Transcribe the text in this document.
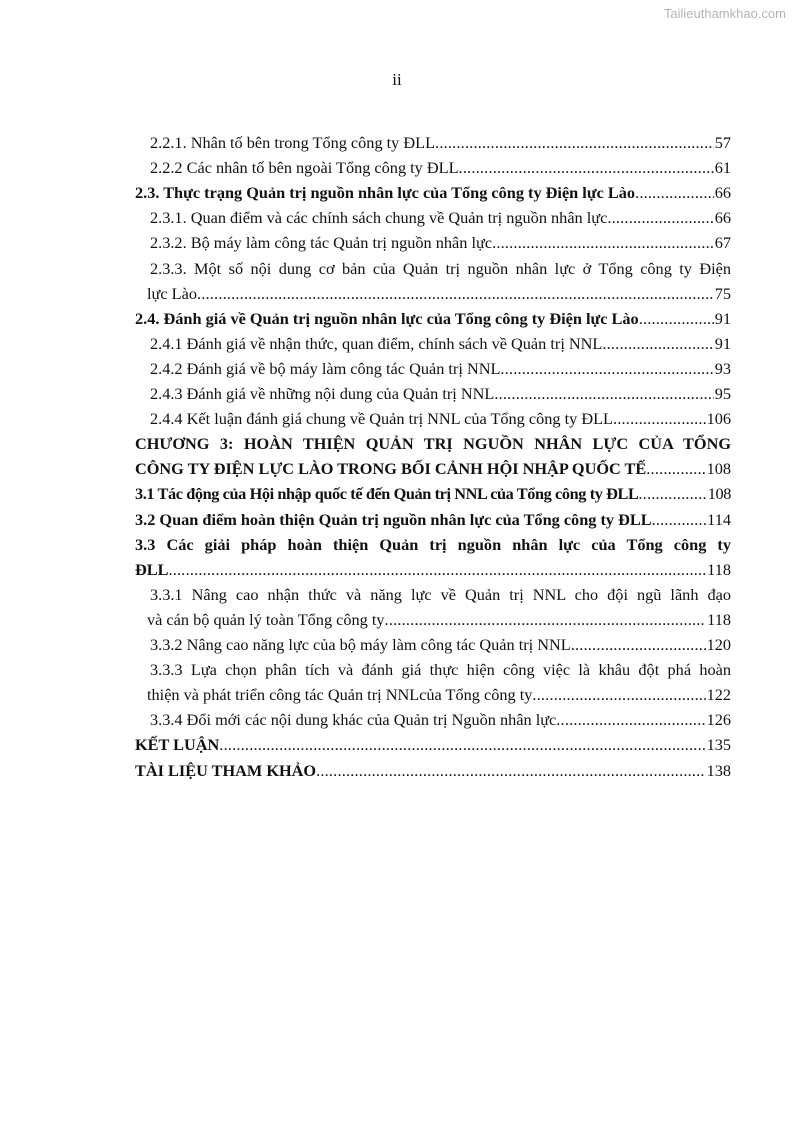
Tailieuthamkhao.com
ii
2.2.1. Nhân tố bên trong Tổng công ty ĐLL .....	57
2.2.2 Các nhân tố bên ngoài Tổng công ty ĐLL .....	61
2.3. Thực trạng Quản trị nguồn nhân lực của Tổng công ty Điện lực Lào .....	66
2.3.1. Quan điểm và các chính sách chung về Quản trị nguồn nhân lực .....	66
2.3.2. Bộ máy làm công tác Quản trị nguồn nhân lực .....	67
2.3.3. Một số nội dung cơ bản của Quản trị nguồn nhân lực ở Tổng công ty Điện
lực Lào .....	75
2.4. Đánh giá về Quản trị nguồn nhân lực của Tổng công ty Điện lực Lào .....	91
2.4.1 Đánh giá về nhận thức, quan điểm, chính sách về Quản trị NNL .....	91
2.4.2 Đánh giá về bộ máy làm công tác Quản trị NNL .....	93
2.4.3 Đánh giá về những nội dung của Quản trị NNL .....	95
2.4.4 Kết luận đánh giá chung về Quản trị NNL của Tổng công ty ĐLL .....	106
CHƯƠNG 3: HOÀN THIỆN QUẢN TRỊ NGUỒN NHÂN LỰC CỦA TỔNG
CÔNG TY ĐIỆN LỰC LÀO TRONG BỐI CẢNH HỘI NHẬP QUỐC TẾ .....	108
3.1 Tác động của Hội nhập quốc tế đến Quản trị NNL của Tổng công ty ĐLL .....	108
3.2 Quan điểm hoàn thiện Quản trị nguồn nhân lực của Tổng công ty ĐLL .....	114
3.3 Các giải pháp hoàn thiện Quản trị nguồn nhân lực của Tổng công ty
ĐLL .....	118
3.3.1 Nâng cao nhận thức và năng lực về Quản trị NNL cho đội ngũ lãnh đạo
và cán bộ quản lý toàn Tổng công ty .....	118
3.3.2 Nâng cao năng lực của bộ máy làm công tác Quản trị NNL .....	120
3.3.3 Lựa chọn phân tích và đánh giá thực hiện công việc là khâu đột phá hoàn
thiện và phát triển công tác Quản trị NNLcủa Tổng công ty .....	122
3.3.4 Đổi mới các nội dung khác của Quản trị Nguồn nhân lực .....	126
KẾT LUẬN .....	135
TÀI LIỆU THAM KHẢO .....	138
